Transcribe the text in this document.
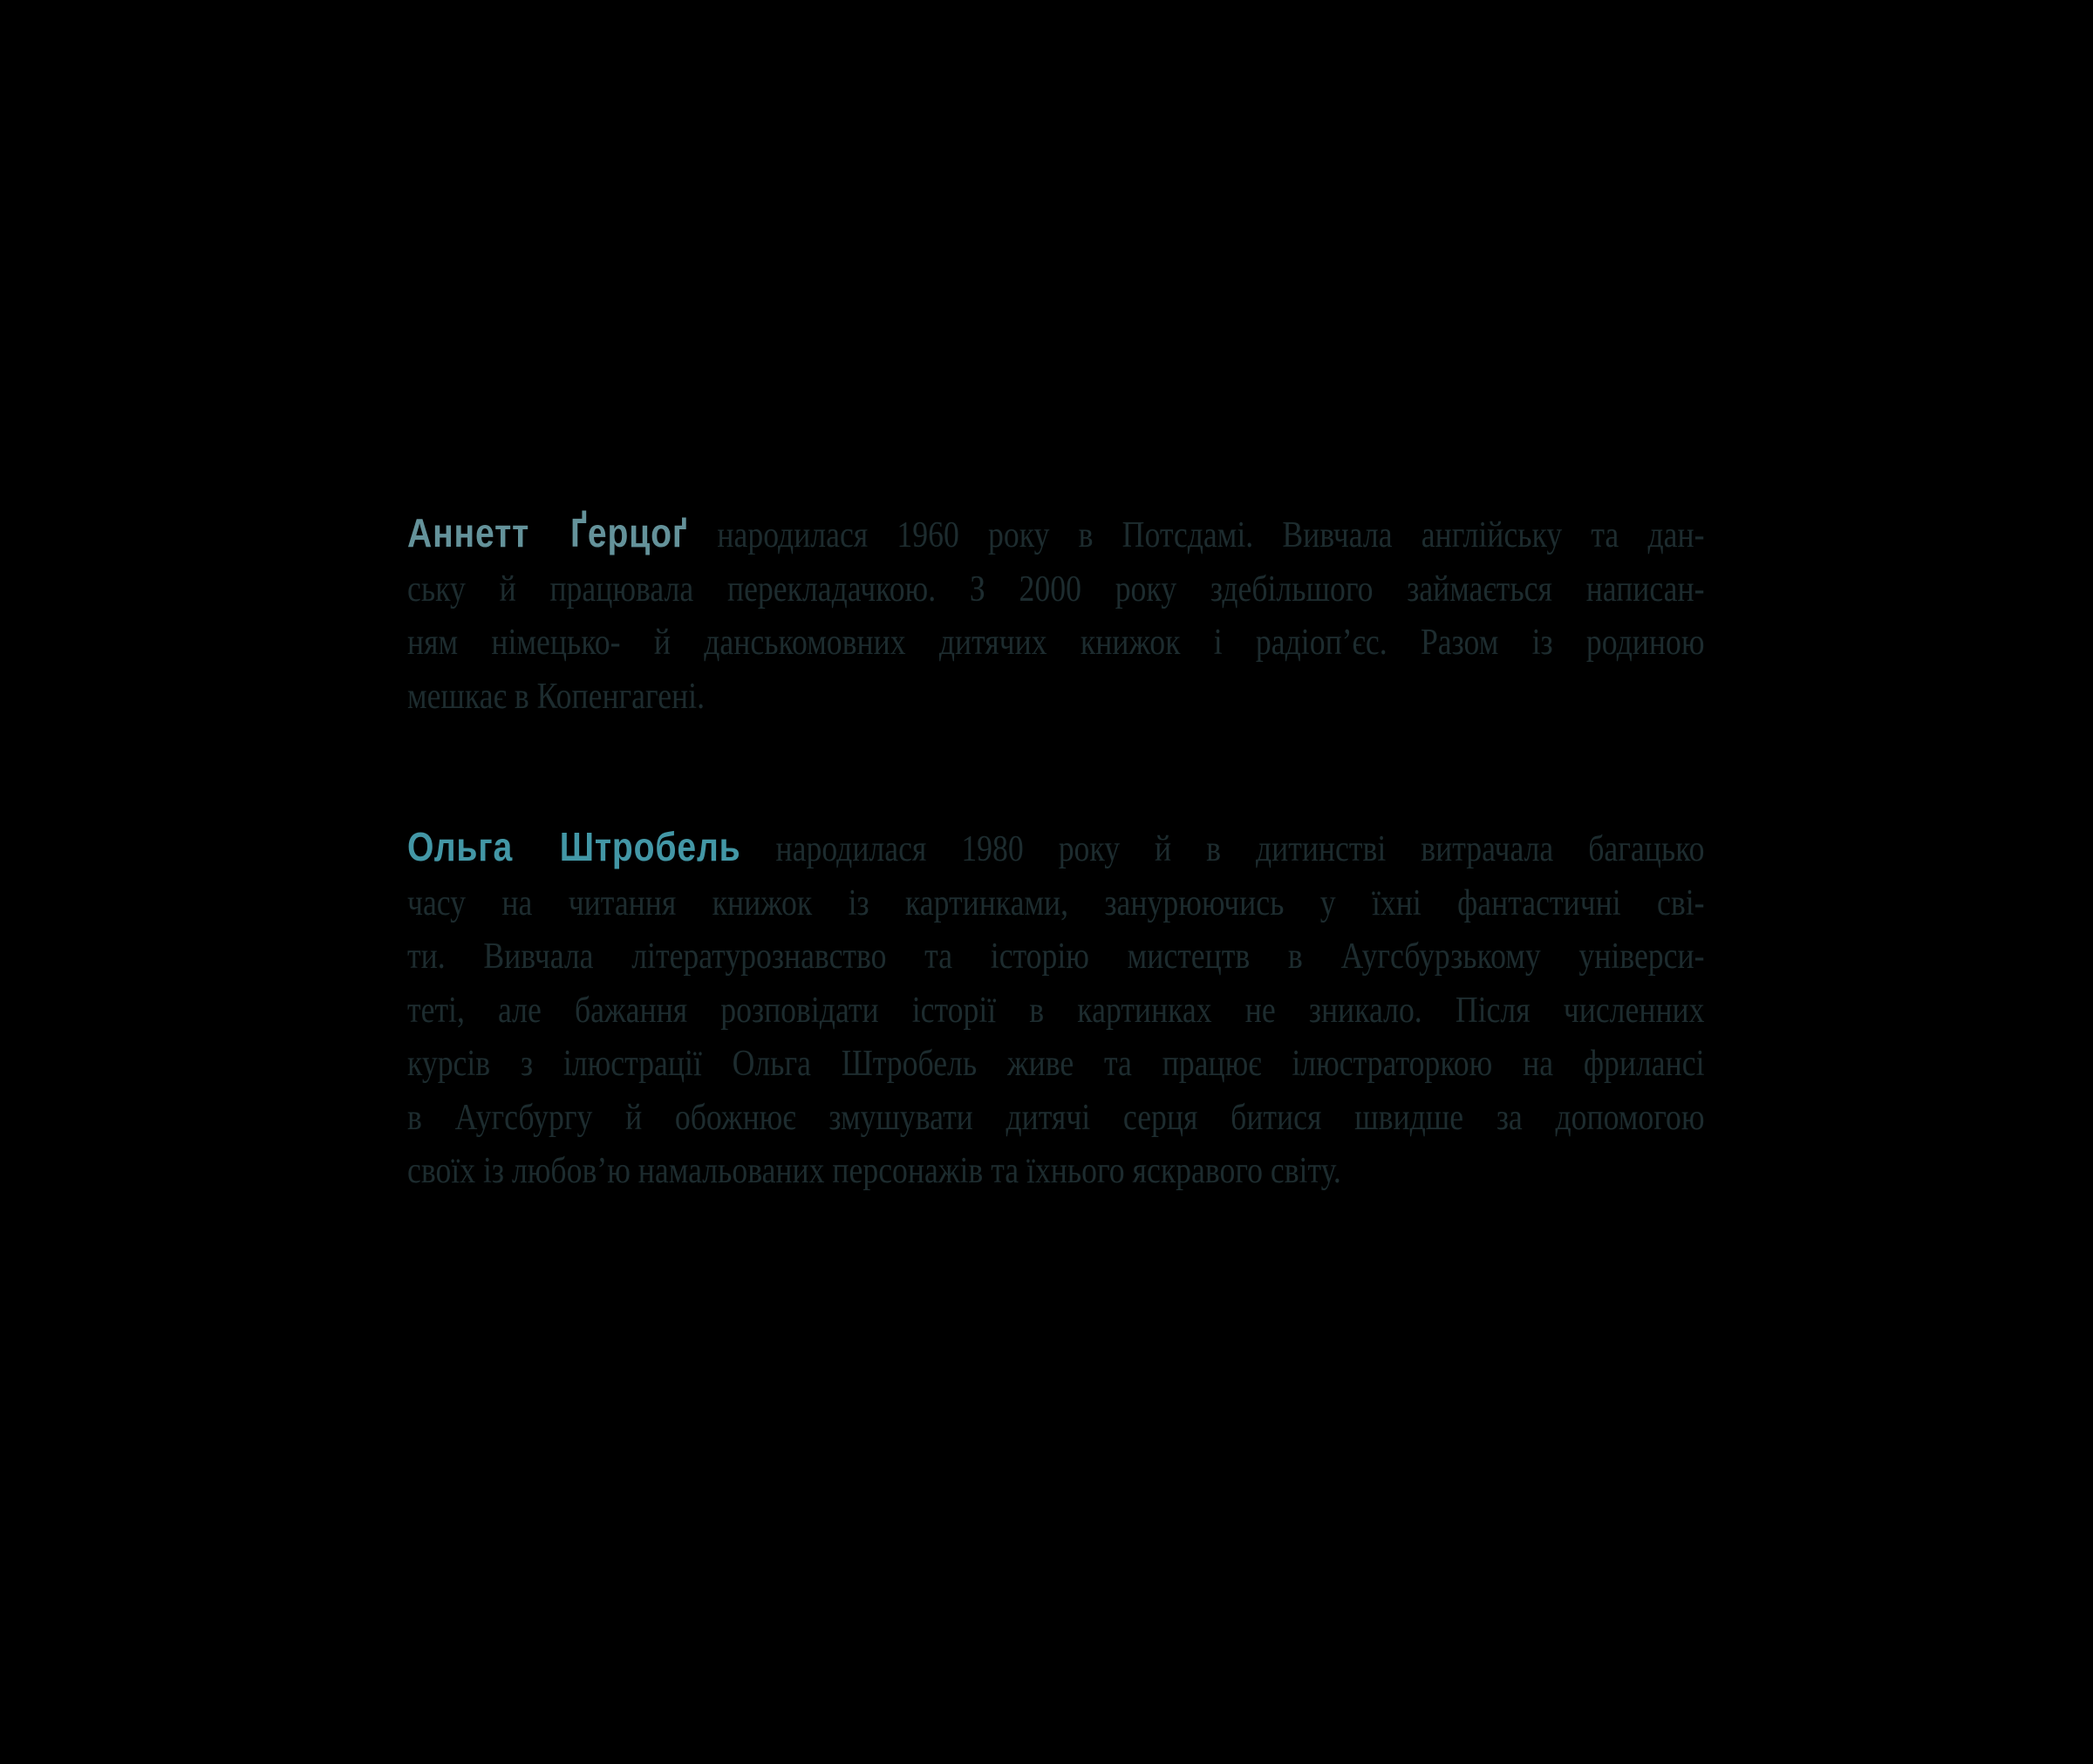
Аннетт Ґерцоґ народилася 1960 року в Потсдамі. Вивчала англійську та дан-
ську й працювала перекладачкою. З 2000 року здебільшого займається написан-
ням німецько- й данськомовних дитячих книжок і радіоп’єс. Разом із родиною
мешкає в Копенгагені.
Ольга Штробель народилася 1980 року й в дитинстві витрачала багацько
часу на читання книжок із картинками, занурюючись у їхні фантастичні сві-
ти. Вивчала літературознавство та історію мистецтв в Аугсбурзькому універси-
теті, але бажання розповідати історії в картинках не зникало. Після численних
курсів з ілюстрації Ольга Штробель живе та працює ілюстраторкою на фрилансі
в Аугсбургу й обожнює змушувати дитячі серця битися швидше за допомогою
своїх із любов’ю намальованих персонажів та їхнього яскравого світу.
